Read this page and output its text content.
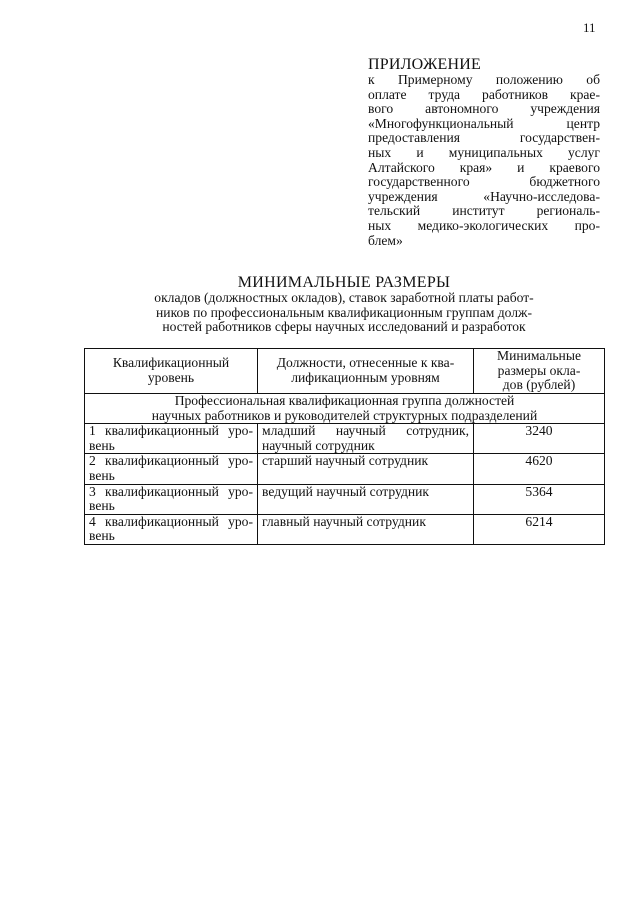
11
ПРИЛОЖЕНИЕ
к Примерному положению об
оплате труда работников крае-
вого автономного учреждения
«Многофункциональный центр
предоставления государствен-
ных и муниципальных услуг
Алтайского края» и краевого
государственного бюджетного
учреждения «Научно-исследова-
тельский институт региональ-
ных медико-экологических про-
блем»
МИНИМАЛЬНЫЕ РАЗМЕРЫ
окладов (должностных окладов), ставок заработной платы работ-
ников по профессиональным квалификационным группам долж-
ностей работников сферы научных исследований и разработок
Квалификационный
уровень	Должности, отнесенные к ква-
лификационным уровням	Минимальные
размеры окла-
дов (рублей)

Профессиональная квалификационная группа должностей
научных работников и руководителей структурных подразделений		

1 квалификационный уро-
вень	младший научный сотрудник,
научный сотрудник	3240

2 квалификационный уро-
вень	старший научный сотрудник	4620

3 квалификационный уро-
вень	ведущий научный сотрудник	5364

4 квалификационный уро-
вень	главный научный сотрудник	6214
